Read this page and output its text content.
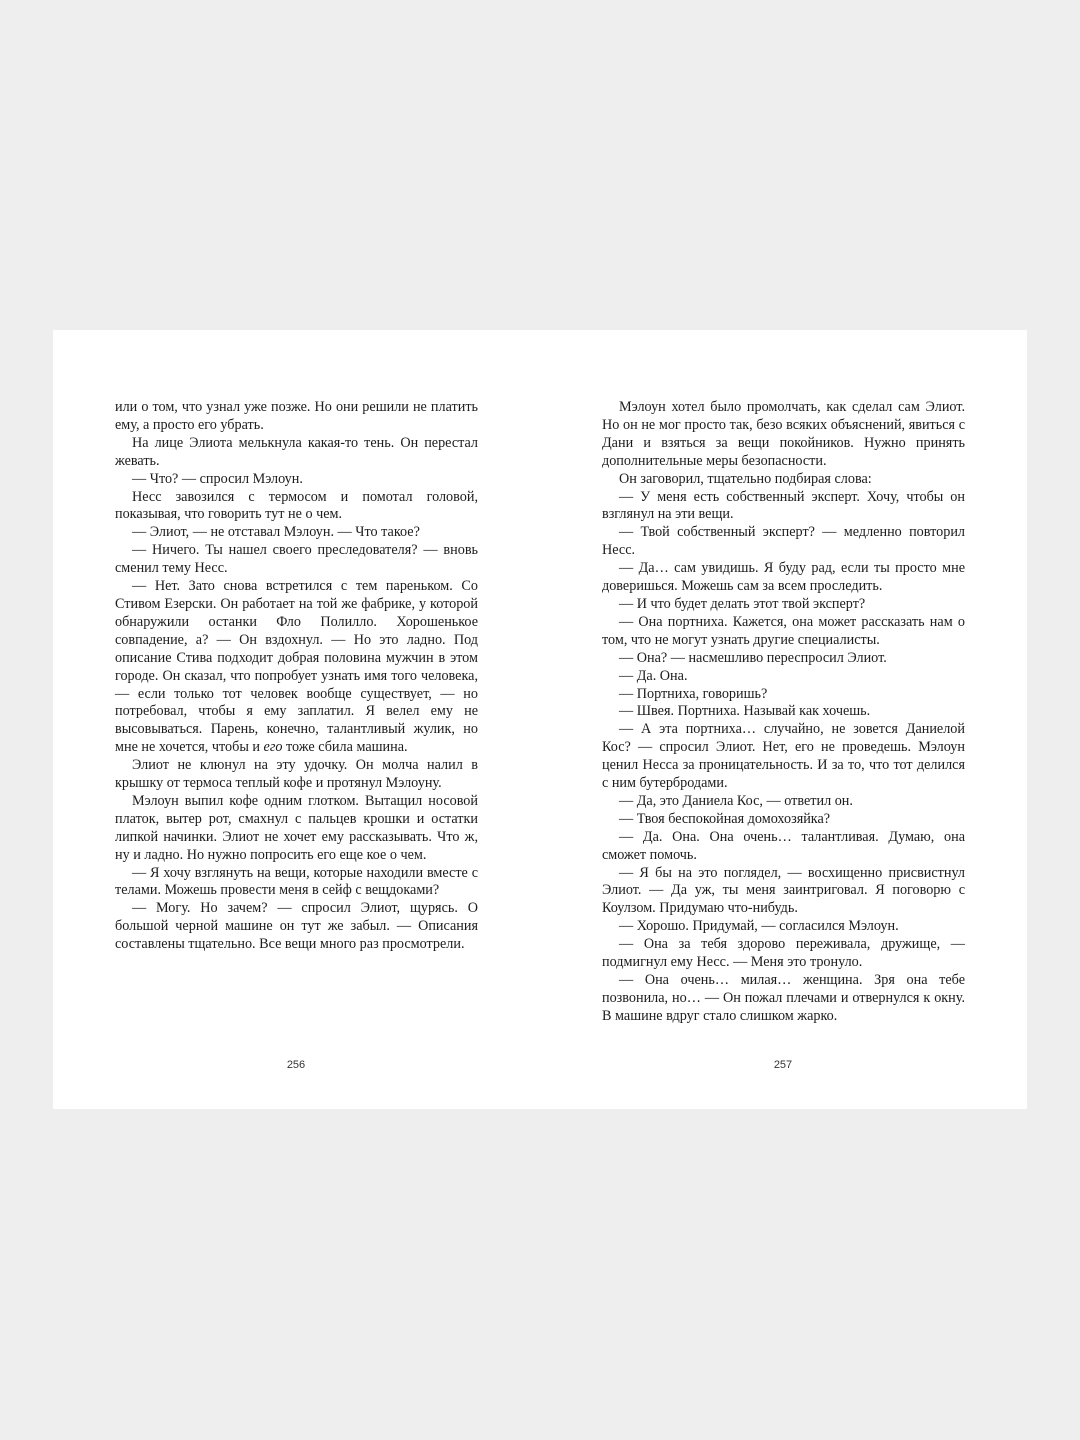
или о том, что узнал уже позже. Но они решили не платить ему, а просто его убрать.

На лице Элиота мелькнула какая-то тень. Он перестал жевать.

— Что? — спросил Мэлоун.

Несс завозился с термосом и помотал головой, показывая, что говорить тут не о чем.

— Элиот, — не отставал Мэлоун. — Что такое?

— Ничего. Ты нашел своего преследователя? — вновь сменил тему Несс.

— Нет. Зато снова встретился с тем пареньком. Со Стивом Езерски. Он работает на той же фабрике, у которой обнаружили останки Фло Полилло. Хорошенькое совпадение, а? — Он вздохнул. — Но это ладно. Под описание Стива подходит добрая половина мужчин в этом городе. Он сказал, что попробует узнать имя того человека, — если только тот человек вообще существует, — но потребовал, чтобы я ему заплатил. Я велел ему не высовываться. Парень, конечно, талантливый жулик, но мне не хочется, чтобы и его тоже сбила машина.

Элиот не клюнул на эту удочку. Он молча налил в крышку от термоса теплый кофе и протянул Мэлоуну.

Мэлоун выпил кофе одним глотком. Вытащил носовой платок, вытер рот, смахнул с пальцев крошки и остатки липкой начинки. Элиот не хочет ему рассказывать. Что ж, ну и ладно. Но нужно попросить его еще кое о чем.

— Я хочу взглянуть на вещи, которые находили вместе с телами. Можешь провести меня в сейф с вещдоками?

— Могу. Но зачем? — спросил Элиот, щурясь. О большой черной машине он тут же забыл. — Описания составлены тщательно. Все вещи много раз просмотрели.

256

Мэлоун хотел было промолчать, как сделал сам Элиот. Но он не мог просто так, безо всяких объяснений, явиться с Дани и взяться за вещи покойников. Нужно принять дополнительные меры безопасности.

Он заговорил, тщательно подбирая слова:

— У меня есть собственный эксперт. Хочу, чтобы он взглянул на эти вещи.

— Твой собственный эксперт? — медленно повторил Несс.

— Да… сам увидишь. Я буду рад, если ты просто мне доверишься. Можешь сам за всем проследить.

— И что будет делать этот твой эксперт?

— Она портниха. Кажется, она может рассказать нам о том, что не могут узнать другие специалисты.

— Она? — насмешливо переспросил Элиот.

— Да. Она.

— Портниха, говоришь?

— Швея. Портниха. Называй как хочешь.

— А эта портниха… случайно, не зовется Даниелой Кос? — спросил Элиот. Нет, его не проведешь. Мэлоун ценил Несса за проницательность. И за то, что тот делился с ним бутербродами.

— Да, это Даниела Кос, — ответил он.

— Твоя беспокойная домохозяйка?

— Да. Она. Она очень… талантливая. Думаю, она сможет помочь.

— Я бы на это поглядел, — восхищенно присвистнул Элиот. — Да уж, ты меня заинтриговал. Я поговорю с Коулзом. Придумаю что-нибудь.

— Хорошо. Придумай, — согласился Мэлоун.

— Она за тебя здорово переживала, дружище, — подмигнул ему Несс. — Меня это тронуло.

— Она очень… милая… женщина. Зря она тебе позвонила, но… — Он пожал плечами и отвернулся к окну. В машине вдруг стало слишком жарко.

257
